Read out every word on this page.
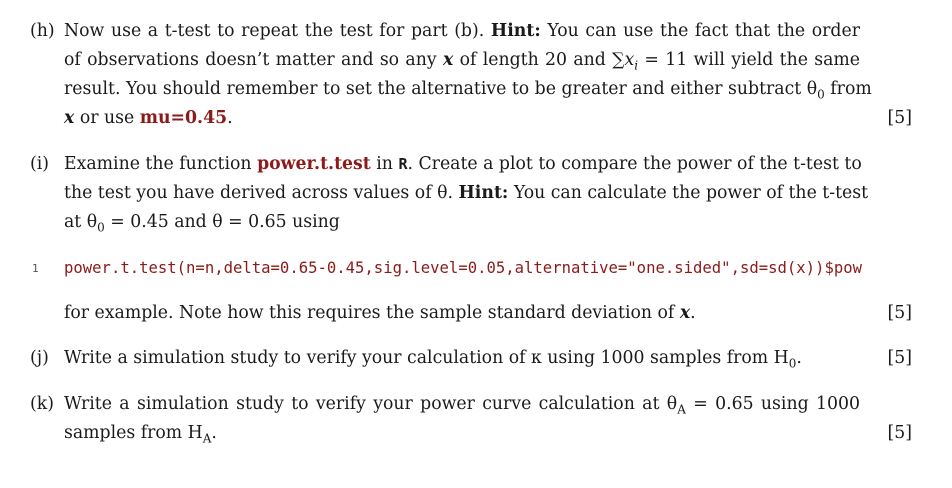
(h) Now use a t-test to repeat the test for part (b). Hint: You can use the fact that the order
of observations doesn’t matter and so any x of length 20 and $\sum x_i = 11$ will yield the same
result. You should remember to set the alternative to be greater and either subtract $\theta_0$ from
x or use mu=0.45.	[5]
(i) Examine the function power.t.test in R. Create a plot to compare the power of the t-test to
the test you have derived across values of θ. Hint: You can calculate the power of the t-test
at $\theta_0 = 0.45$ and θ = 0.65 using
1 power.t.test(n=n,delta=0.65-0.45,sig.level=0.05,alternative="one.sided",sd=sd(x))$pow
for example. Note how this requires the sample standard deviation of x.	[5]
(j) Write a simulation study to verify your calculation of κ using 1000 samples from $H_0$.	[5]
(k) Write a simulation study to verify your power curve calculation at $\theta_A = 0.65$ using 1000
samples from $H_A$.	[5]
